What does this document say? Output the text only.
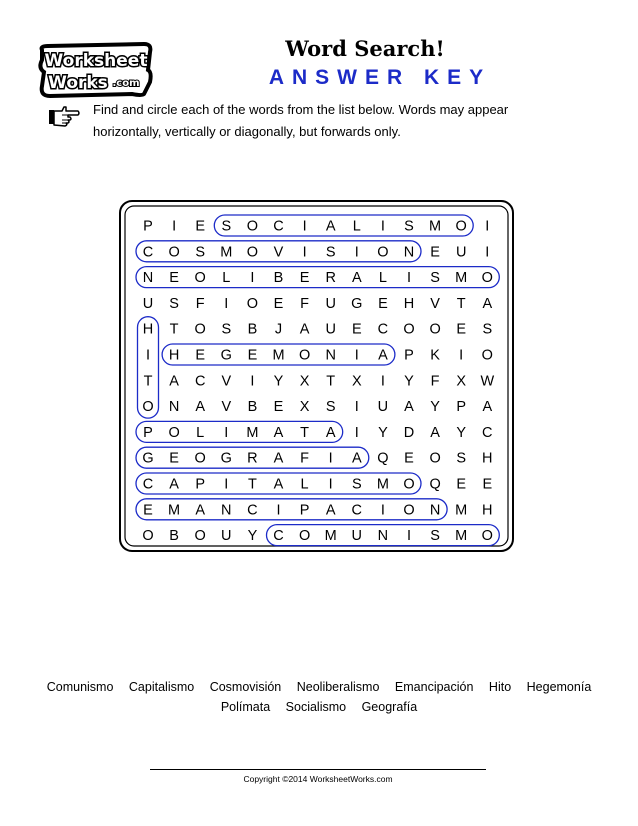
Worksheet
Works .com
Word Search!
ANSWER KEY
Find and circle each of the words from the list below. Words may appear horizontally, vertically or diagonally, but forwards only.
P I E S O C I A L I S M O I
C O S M O V I S I O N E U I
N E O L I B E R A L I S M O
U S F I O E F U G E H V T A
H T O S B J A U E C O O E S
I H E G E M O N I A P K I O
T A C V I Y X T X I Y F X W
O N A V B E X S I U A Y P A
P O L I M A T A I Y D A Y C
G E O G R A F I A Q E O S H
C A P I T A L I S M O Q E E
E M A N C I P A C I O N M H
O B O U Y C O M U N I S M O
Comunismo Capitalismo Cosmovisión Neoliberalismo Emancipación Hito Hegemonía
Polímata Socialismo Geografía
Copyright ©2014 WorksheetWorks.com
